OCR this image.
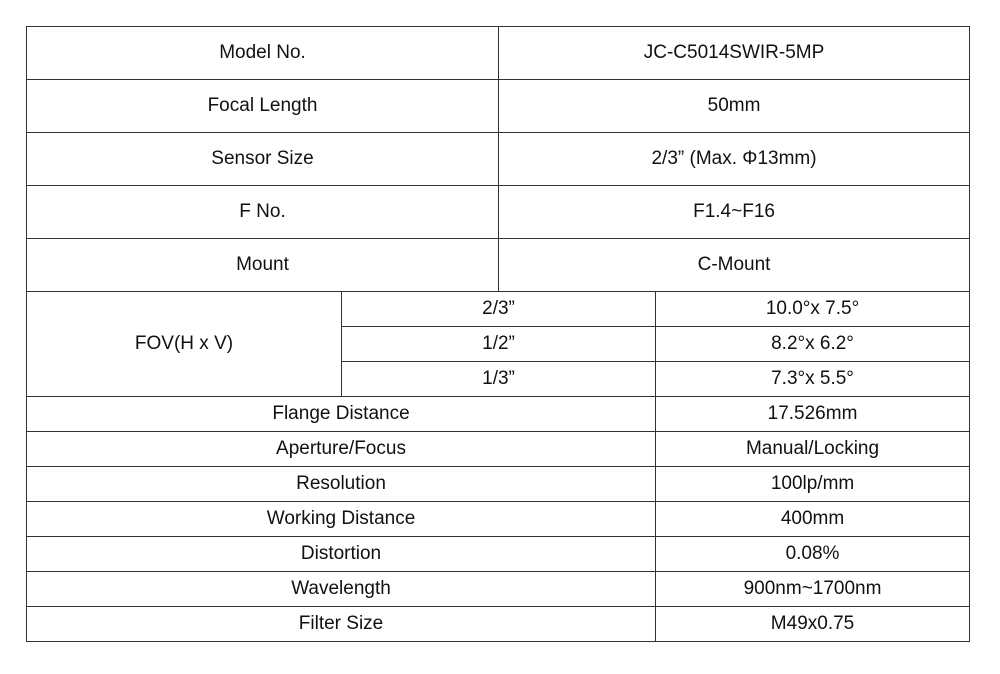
Model No.		JC-C5014SWIR-5MP	
Focal Length		50mm	
Sensor Size		2/3” (Max. Φ13mm)	
F No.		F1.4~F16	
Mount		C-Mount	
FOV(H x V)	2/3”		10.0°x 7.5°
	1/2”		8.2°x 6.2°
	1/3”		7.3°x 5.5°
Flange Distance			17.526mm
Aperture/Focus			Manual/Locking
Resolution			100lp/mm
Working Distance			400mm
Distortion			0.08%
Wavelength			900nm~1700nm
Filter Size			M49x0.75
